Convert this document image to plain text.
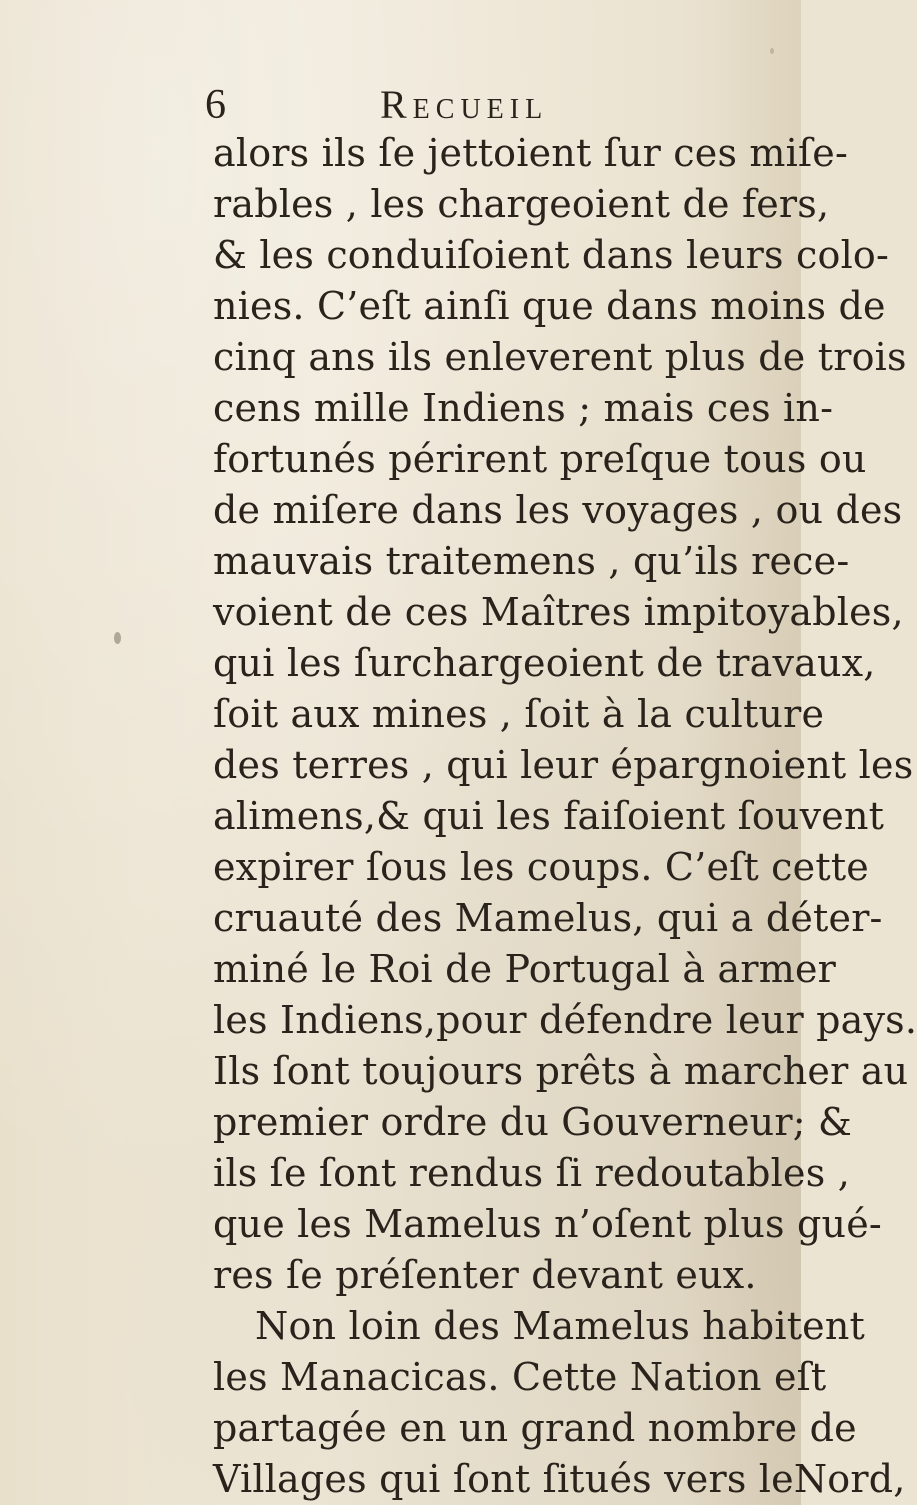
6	Recueil
alors ils ſe jettoient ſur ces miſe-
rables , les chargeoient de fers,
& les conduiſoient dans leurs colo-
nies. C’eſt ainſi que dans moins de
cinq ans ils enleverent plus de trois
cens mille Indiens ; mais ces in-
fortunés périrent preſque tous ou
de miſere dans les voyages , ou des
mauvais traitemens , qu’ils rece-
voient de ces Maîtres impitoyables,
qui les ſurchargeoient de travaux,
ſoit aux mines , ſoit à la culture
des terres , qui leur épargnoient les
alimens,& qui les faiſoient ſouvent
expirer ſous les coups. C’eſt cette
cruauté des Mamelus, qui a déter-
miné le Roi de Portugal à armer
les Indiens,pour défendre leur pays.
Ils ſont toujours prêts à marcher au
premier ordre du Gouverneur; &
ils ſe ſont rendus ſi redoutables ,
que les Mamelus n’oſent plus gué-
res ſe préſenter devant eux.
Non loin des Mamelus habitent
les Manacicas. Cette Nation eſt
partagée en un grand nombre de
Villages qui ſont ſitués vers leNord,
